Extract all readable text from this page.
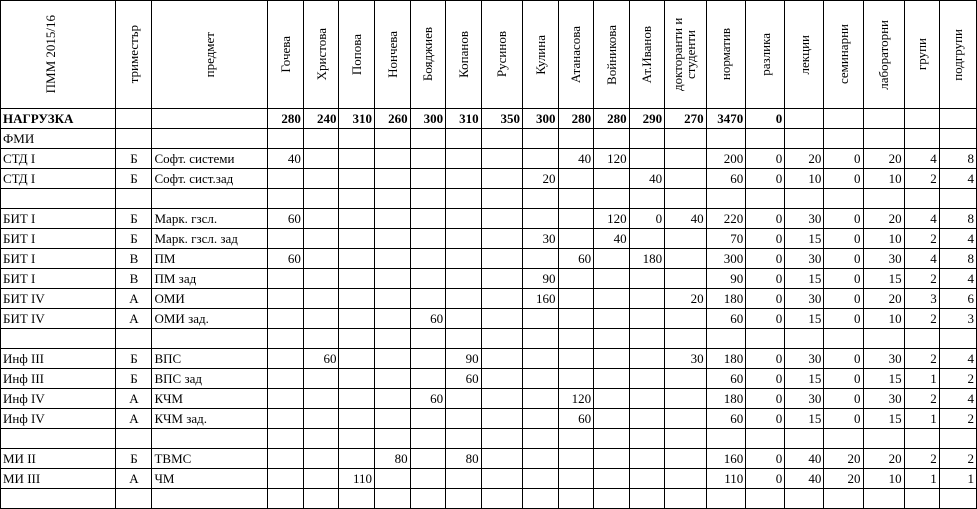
ПММ 2015/16	триместър	предмет	Гочева	Христова	Попова	Нончева	Бояджиев	Копанов	Русинов	Кулина	Атанасова	Войникова	Ат.Иванов	докторанти и студенти	норматив	разлика	лекции	семинарни	лабораторни	групи	подгрупи

НАГРУЗКА			280	240	310	260	300	310	350	300	280	280	290	270	3470	0					
ФМИ																					
СТД I	Б	Софт. системи	40								40	120			200	0	20	0	20	4	8
СТД I	Б	Софт. сист.зад								20			40		60	0	10	0	10	2	4

БИТ I	Б	Марк. гзсл.	60									120	0	40	220	0	30	0	20	4	8
БИТ I	Б	Марк. гзсл. зад								30		40			70	0	15	0	10	2	4
БИТ I	В	ПМ	60								60		180		300	0	30	0	30	4	8
БИТ I	В	ПМ зад								90					90	0	15	0	15	2	4
БИТ IV	А	ОМИ								160				20	180	0	30	0	20	3	6
БИТ IV	А	ОМИ зад.					60								60	0	15	0	10	2	3

Инф III	Б	ВПС		60				90						30	180	0	30	0	30	2	4
Инф III	Б	ВПС зад						60							60	0	15	0	15	1	2
Инф IV	А	КЧМ					60				120				180	0	30	0	30	2	4
Инф IV	А	КЧМ зад.									60				60	0	15	0	15	1	2

МИ II	Б	ТВМС				80		80							160	0	40	20	20	2	2
МИ III	А	ЧМ			110										110	0	40	20	10	1	1
